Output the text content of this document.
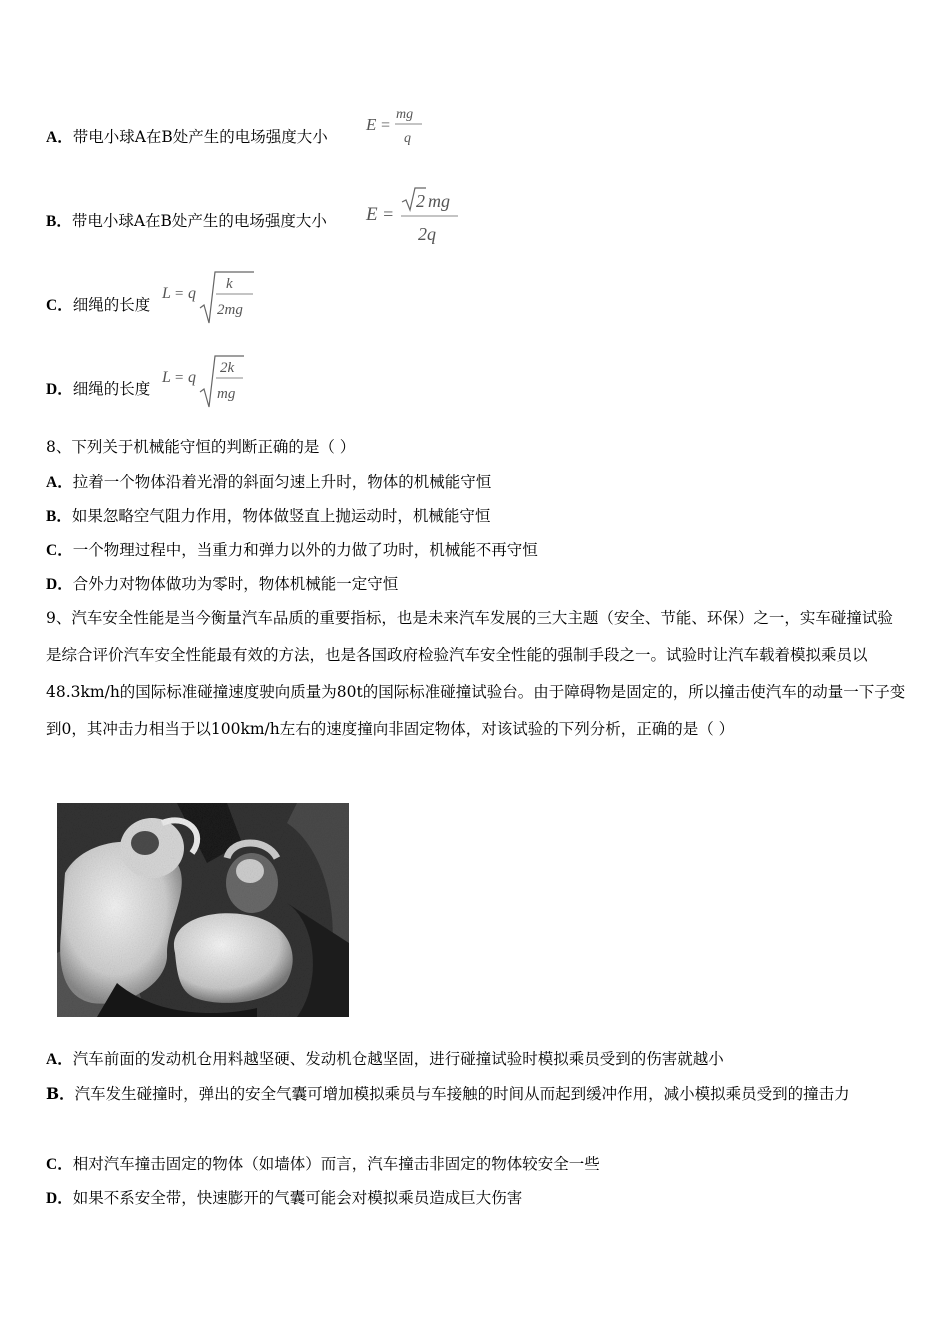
A．带电小球A在B处产生的电场强度大小
E =
mg
q
B．带电小球A在B处产生的电场强度大小 E =
2 mg
2q
C．细绳的长度
L = q
k
2mg
D．细绳的长度
L = q
2k
mg
8、下列关于机械能守恒的判断正确的是（ ）
A．拉着一个物体沿着光滑的斜面匀速上升时，物体的机械能守恒
B．如果忽略空气阻力作用，物体做竖直上抛运动时，机械能守恒
C．一个物理过程中，当重力和弹力以外的力做了功时，机械能不再守恒
D．合外力对物体做功为零时，物体机械能一定守恒
9、汽车安全性能是当今衡量汽车品质的重要指标，也是未来汽车发展的三大主题（安全、节能、环保）之一，实车碰撞试验是综合评价汽车安全性能最有效的方法，也是各国政府检验汽车安全性能的强制手段之一。试验时让汽车载着模拟乘员以48.3km/h的国际标准碰撞速度驶向质量为80t的国际标准碰撞试验台。由于障碍物是固定的，所以撞击使汽车的动量一下子变到0，其冲击力相当于以100km/h左右的速度撞向非固定物体，对该试验的下列分析，正确的是（ ）
A．汽车前面的发动机仓用料越坚硬、发动机仓越坚固，进行碰撞试验时模拟乘员受到的伤害就越小
B．汽车发生碰撞时，弹出的安全气囊可增加模拟乘员与车接触的时间从而起到缓冲作用，减小模拟乘员受到的撞击力
C．相对汽车撞击固定的物体（如墙体）而言，汽车撞击非固定的物体较安全一些
D．如果不系安全带，快速膨开的气囊可能会对模拟乘员造成巨大伤害
